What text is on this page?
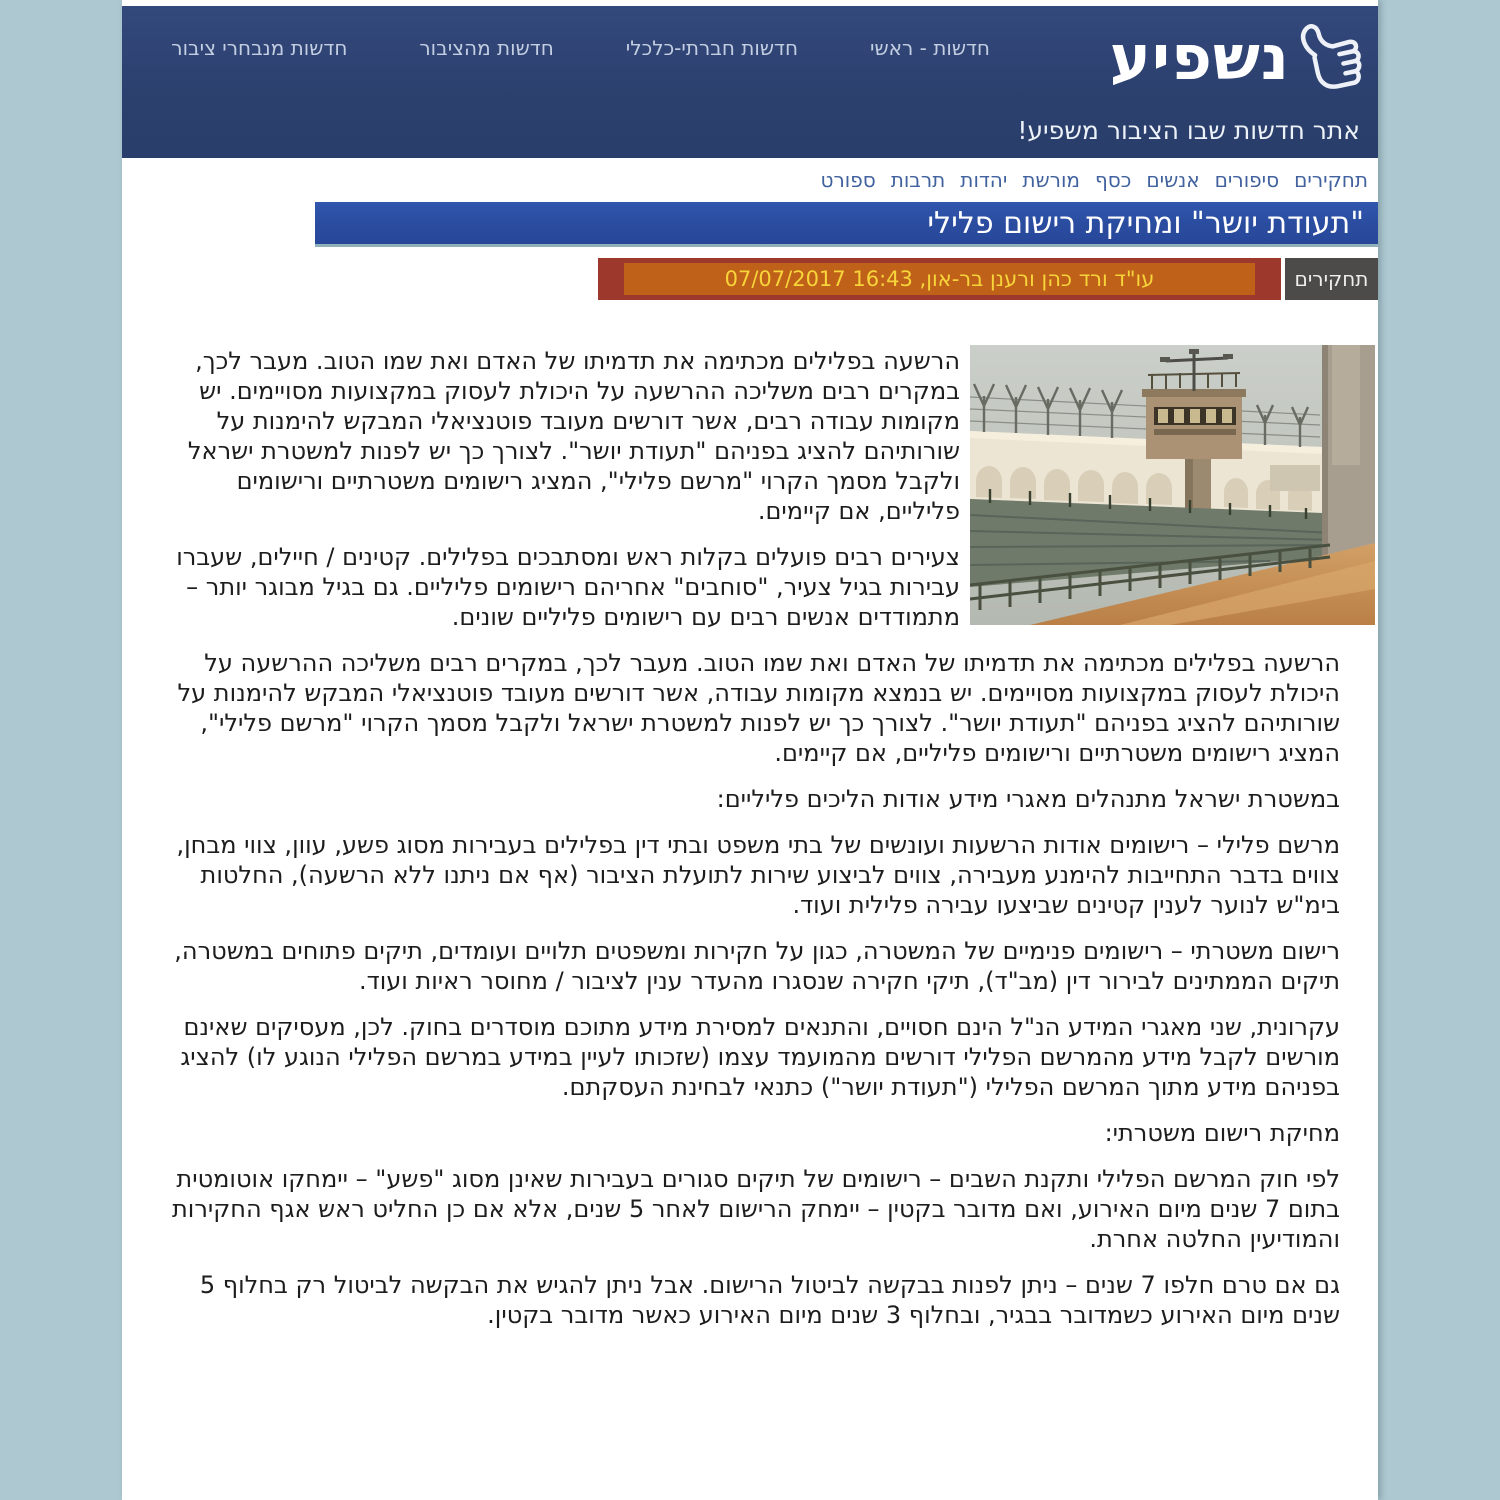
חדשות - ראשי
חדשות חברתי-כלכלי
חדשות מהציבור
חדשות מנבחרי ציבור	נשפיע
אתר חדשות שבו הציבור משפיע!
תחקירים
סיפורים
אנשים
כסף
מורשת
יהדות
תרבות
ספורט
"תעודת יושר" ומחיקת רישום פלילי
תחקירים
עו"ד ורד כהן ורענן בר-און, 16:43 07/07/2017

הרשעה בפלילים מכתימה את תדמיתו של האדם ואת שמו הטוב. מעבר לכך, במקרים רבים משליכה ההרשעה על היכולת לעסוק במקצועות מסויימים. יש מקומות עבודה רבים, אשר דורשים מעובד פוטנציאלי המבקש להימנות על שורותיהם להציג בפניהם "תעודת יושר". לצורך כך יש לפנות למשטרת ישראל ולקבל מסמך הקרוי "מרשם פלילי", המציג רישומים משטרתיים ורישומים פליליים, אם קיימים.

צעירים רבים פועלים בקלות ראש ומסתבכים בפלילים. קטינים / חיילים, שעברו עבירות בגיל צעיר, "סוחבים" אחריהם רישומים פליליים. גם בגיל מבוגר יותר – מתמודדים אנשים רבים עם רישומים פליליים שונים.

הרשעה בפלילים מכתימה את תדמיתו של האדם ואת שמו הטוב. מעבר לכך, במקרים רבים משליכה ההרשעה על היכולת לעסוק במקצועות מסויימים. יש בנמצא מקומות עבודה, אשר דורשים מעובד פוטנציאלי המבקש להימנות על שורותיהם להציג בפניהם "תעודת יושר". לצורך כך יש לפנות למשטרת ישראל ולקבל מסמך הקרוי "מרשם פלילי", המציג רישומים משטרתיים ורישומים פליליים, אם קיימים.

במשטרת ישראל מתנהלים מאגרי מידע אודות הליכים פליליים:

מרשם פלילי – רישומים אודות הרשעות ועונשים של בתי משפט ובתי דין בפלילים בעבירות מסוג פשע, עוון, צווי מבחן, צווים בדבר התחייבות להימנע מעבירה, צווים לביצוע שירות לתועלת הציבור (אף אם ניתנו ללא הרשעה), החלטות בימ"ש לנוער לענין קטינים שביצעו עבירה פלילית ועוד.

רישום משטרתי – רישומים פנימיים של המשטרה, כגון על חקירות ומשפטים תלויים ועומדים, תיקים פתוחים במשטרה, תיקים הממתינים לבירור דין (מב"ד), תיקי חקירה שנסגרו מהעדר ענין לציבור / מחוסר ראיות ועוד.

עקרונית, שני מאגרי המידע הנ"ל הינם חסויים, והתנאים למסירת מידע מתוכם מוסדרים בחוק. לכן, מעסיקים שאינם מורשים לקבל מידע מהמרשם הפלילי דורשים מהמועמד עצמו (שזכותו לעיין במידע במרשם הפלילי הנוגע לו) להציג בפניהם מידע מתוך המרשם הפלילי ("תעודת יושר") כתנאי לבחינת העסקתם.

מחיקת רישום משטרתי:

לפי חוק המרשם הפלילי ותקנת השבים – רישומים של תיקים סגורים בעבירות שאינן מסוג "פשע" – יימחקו אוטומטית בתום 7 שנים מיום האירוע, ואם מדובר בקטין – יימחק הרישום לאחר 5 שנים, אלא אם כן החליט ראש אגף החקירות והמודיעין החלטה אחרת.

גם אם טרם חלפו 7 שנים – ניתן לפנות בבקשה לביטול הרישום. אבל ניתן להגיש את הבקשה לביטול רק בחלוף 5 שנים מיום האירוע כשמדובר בבגיר, ובחלוף 3 שנים מיום האירוע כאשר מדובר בקטין.
